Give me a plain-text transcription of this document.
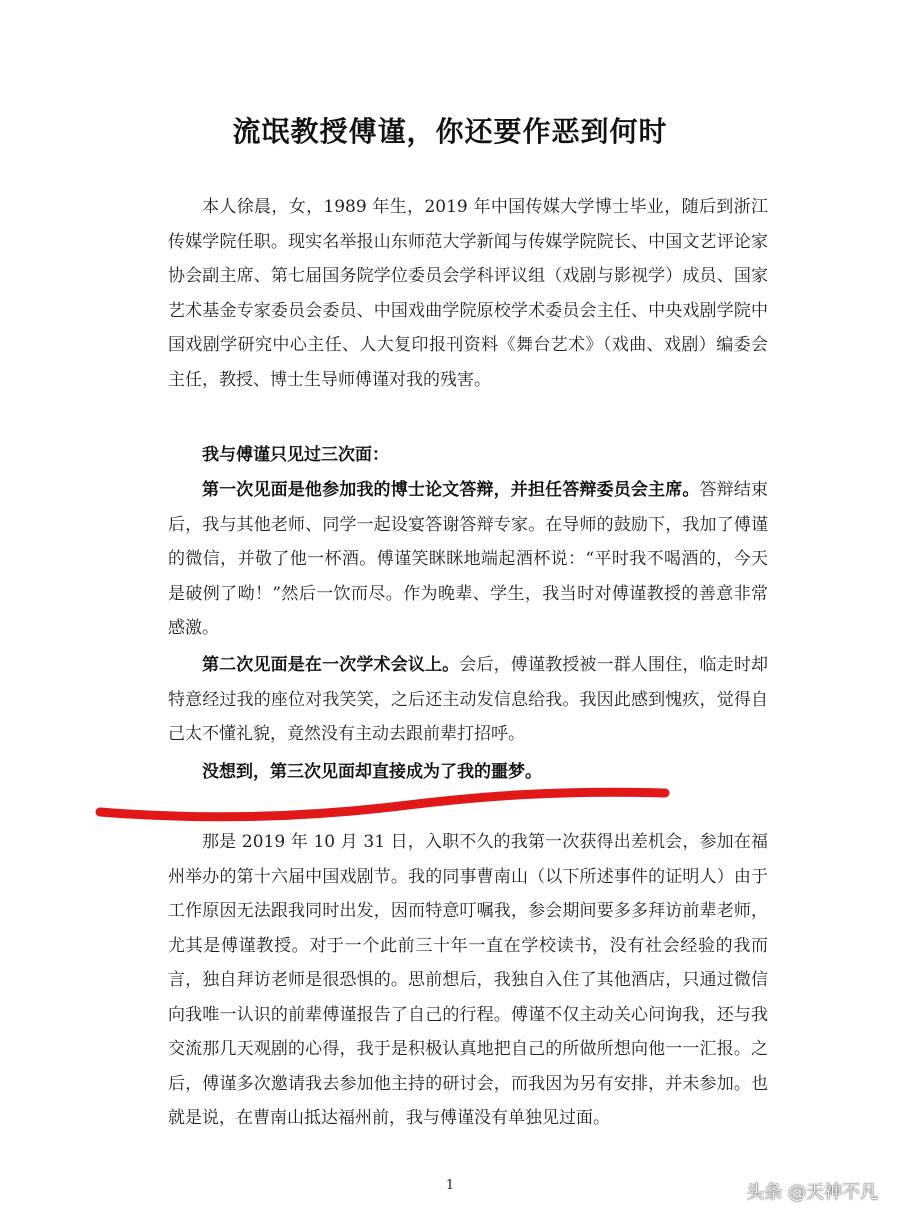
流氓教授傅谨，你还要作恶到何时

本人徐晨，女，1989 年生，2019 年中国传媒大学博士毕业，随后到浙江传媒学院任职。现实名举报山东师范大学新闻与传媒学院院长、中国文艺评论家协会副主席、第七届国务院学位委员会学科评议组（戏剧与影视学）成员、国家艺术基金专家委员会委员、中国戏曲学院原校学术委员会主任、中央戏剧学院中国戏剧学研究中心主任、人大复印报刊资料《舞台艺术》（戏曲、戏剧）编委会主任，教授、博士生导师傅谨对我的残害。

我与傅谨只见过三次面：

第一次见面是他参加我的博士论文答辩，并担任答辩委员会主席。答辩结束后，我与其他老师、同学一起设宴答谢答辩专家。在导师的鼓励下，我加了傅谨的微信，并敬了他一杯酒。傅谨笑眯眯地端起酒杯说：“平时我不喝酒的，今天是破例了呦！”然后一饮而尽。作为晚辈、学生，我当时对傅谨教授的善意非常感激。

第二次见面是在一次学术会议上。会后，傅谨教授被一群人围住，临走时却特意经过我的座位对我笑笑，之后还主动发信息给我。我因此感到愧疚，觉得自己太不懂礼貌，竟然没有主动去跟前辈打招呼。

没想到，第三次见面却直接成为了我的噩梦。

那是 2019 年 10 月 31 日，入职不久的我第一次获得出差机会，参加在福州举办的第十六届中国戏剧节。我的同事曹南山（以下所述事件的证明人）由于工作原因无法跟我同时出发，因而特意叮嘱我，参会期间要多多拜访前辈老师，尤其是傅谨教授。对于一个此前三十年一直在学校读书，没有社会经验的我而言，独自拜访老师是很恐惧的。思前想后，我独自入住了其他酒店，只通过微信向我唯一认识的前辈傅谨报告了自己的行程。傅谨不仅主动关心问询我，还与我交流那几天观剧的心得，我于是积极认真地把自己的所做所想向他一一汇报。之后，傅谨多次邀请我去参加他主持的研讨会，而我因为另有安排，并未参加。也就是说，在曹南山抵达福州前，我与傅谨没有单独见过面。

1	头条 @天神不凡
